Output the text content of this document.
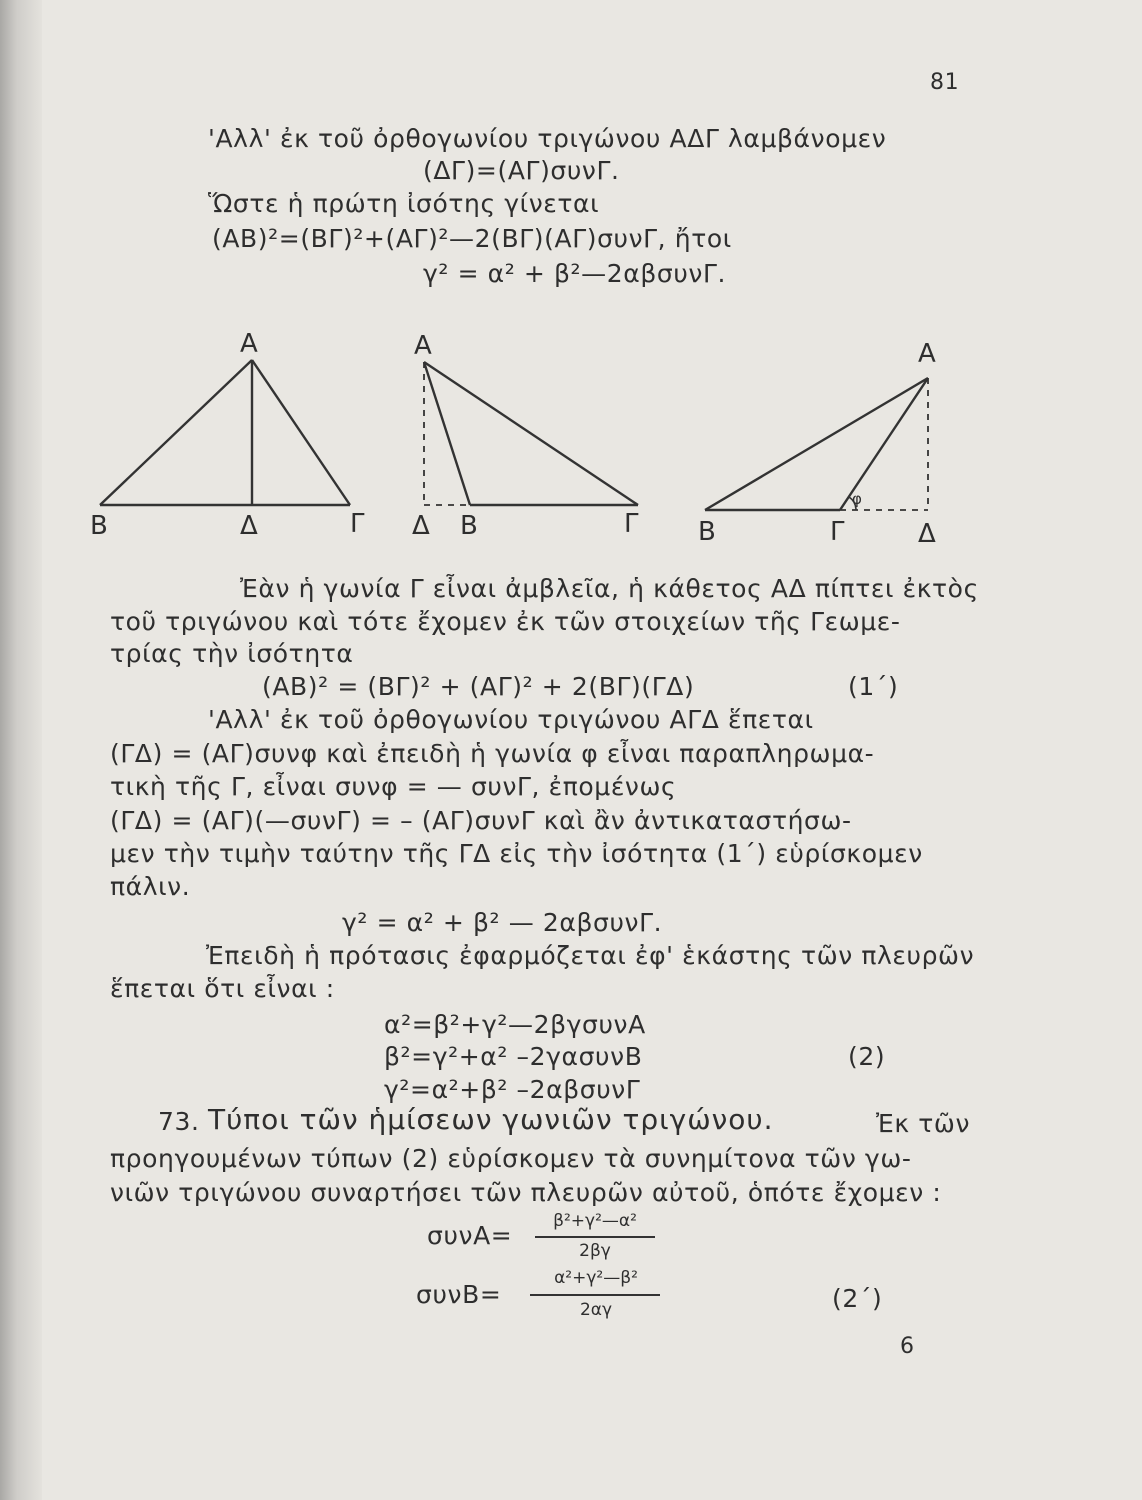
81
'Αλλ' ἐκ τοῦ ὀρθογωνίου τριγώνου ΑΔΓ λαμβάνομεν
(ΔΓ)=(ΑΓ)συνΓ.
Ὥστε ἡ πρώτη ἰσότης γίνεται
(ΑΒ)²=(ΒΓ)²+(ΑΓ)²—2(ΒΓ)(ΑΓ)συνΓ, ἤτοι
γ² = α² + β²—2αβσυνΓ.
Α
Β	Δ	Γ
Α
Δ Β	Γ
Α
Β	Γ	Δ
φ
Ἐὰν ἡ γωνία Γ εἶναι ἀμβλεῖα, ἡ κάθετος ΑΔ πίπτει ἐκτὸς
τοῦ τριγώνου καὶ τότε ἔχομεν ἐκ τῶν στοιχείων τῆς Γεωμε-
τρίας τὴν ἰσότητα
(ΑΒ)² = (ΒΓ)² + (ΑΓ)² + 2(ΒΓ)(ΓΔ)	(1΄)
'Αλλ' ἐκ τοῦ ὀρθογωνίου τριγώνου ΑΓΔ ἕπεται
(ΓΔ) = (ΑΓ)συνφ καὶ ἐπειδὴ ἡ γωνία φ εἶναι παραπληρωμα-
τικὴ τῆς Γ, εἶναι συνφ = — συνΓ, ἐπομένως
(ΓΔ) = (ΑΓ)(—συνΓ) = – (ΑΓ)συνΓ καὶ ἂν ἀντικαταστήσω-
μεν τὴν τιμὴν ταύτην τῆς ΓΔ εἰς τὴν ἰσότητα (1΄) εὑρίσκομεν
πάλιν.
γ² = α² + β² — 2αβσυνΓ.
Ἐπειδὴ ἡ πρότασις ἐφαρμόζεται ἐφ' ἑκάστης τῶν πλευρῶν
ἕπεται ὅτι εἶναι :
α²=β²+γ²—2βγσυνΑ
β²=γ²+α² –2γασυνΒ
γ²=α²+β² –2αβσυνΓ
(2)
73. Τύποι τῶν ἡμίσεων γωνιῶν τριγώνου.	Ἐκ τῶν
προηγουμένων τύπων (2) εὑρίσκομεν τὰ συνημίτονα τῶν γω-
νιῶν τριγώνου συναρτήσει τῶν πλευρῶν αὐτοῦ, ὁπότε ἔχομεν :
συνΑ=	β²+γ²—α²
2βγ
συνΒ=
α²+γ²—β²
2αγ	(2΄)
6
